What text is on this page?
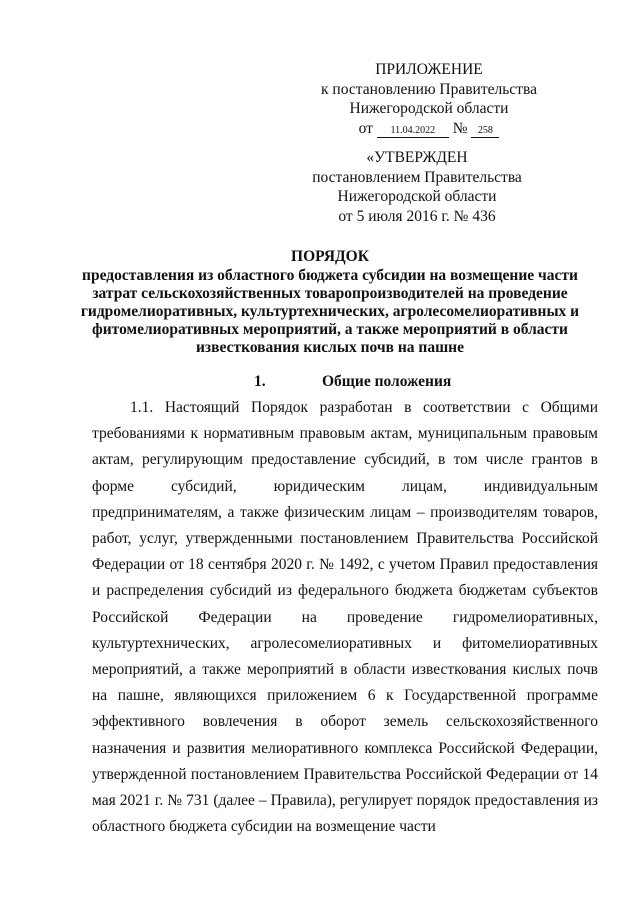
ПРИЛОЖЕНИЕ
к постановлению Правительства
Нижегородской области
от 11.04.2022 № 258
«УТВЕРЖДЕН
постановлением Правительства
Нижегородской области
от 5 июля 2016 г. № 436
ПОРЯДОК
предоставления из областного бюджета субсидии на возмещение части затрат сельскохозяйственных товаропроизводителей на проведение гидромелиоративных, культуртехнических, агролесомелиоративных и фитомелиоративных мероприятий, а также мероприятий в области известкования кислых почв на пашне
1.	Общие положения
1.1. Настоящий Порядок разработан в соответствии с Общими требованиями к нормативным правовым актам, муниципальным правовым актам, регулирующим предоставление субсидий, в том числе грантов в форме субсидий, юридическим лицам, индивидуальным предпринимателям, а также физическим лицам – производителям товаров, работ, услуг, утвержденными постановлением Правительства Российской Федерации от 18 сентября 2020 г. № 1492, с учетом Правил предоставления и распределения субсидий из федерального бюджета бюджетам субъектов Российской Федерации на проведение гидромелиоративных, культуртехнических, агролесомелиоративных и фитомелиоративных мероприятий, а также мероприятий в области известкования кислых почв на пашне, являющихся приложением 6 к Государственной программе эффективного вовлечения в оборот земель сельскохозяйственного назначения и развития мелиоративного комплекса Российской Федерации, утвержденной постановлением Правительства Российской Федерации от 14 мая 2021 г. № 731 (далее – Правила), регулирует порядок предоставления из областного бюджета субсидии на возмещение части
